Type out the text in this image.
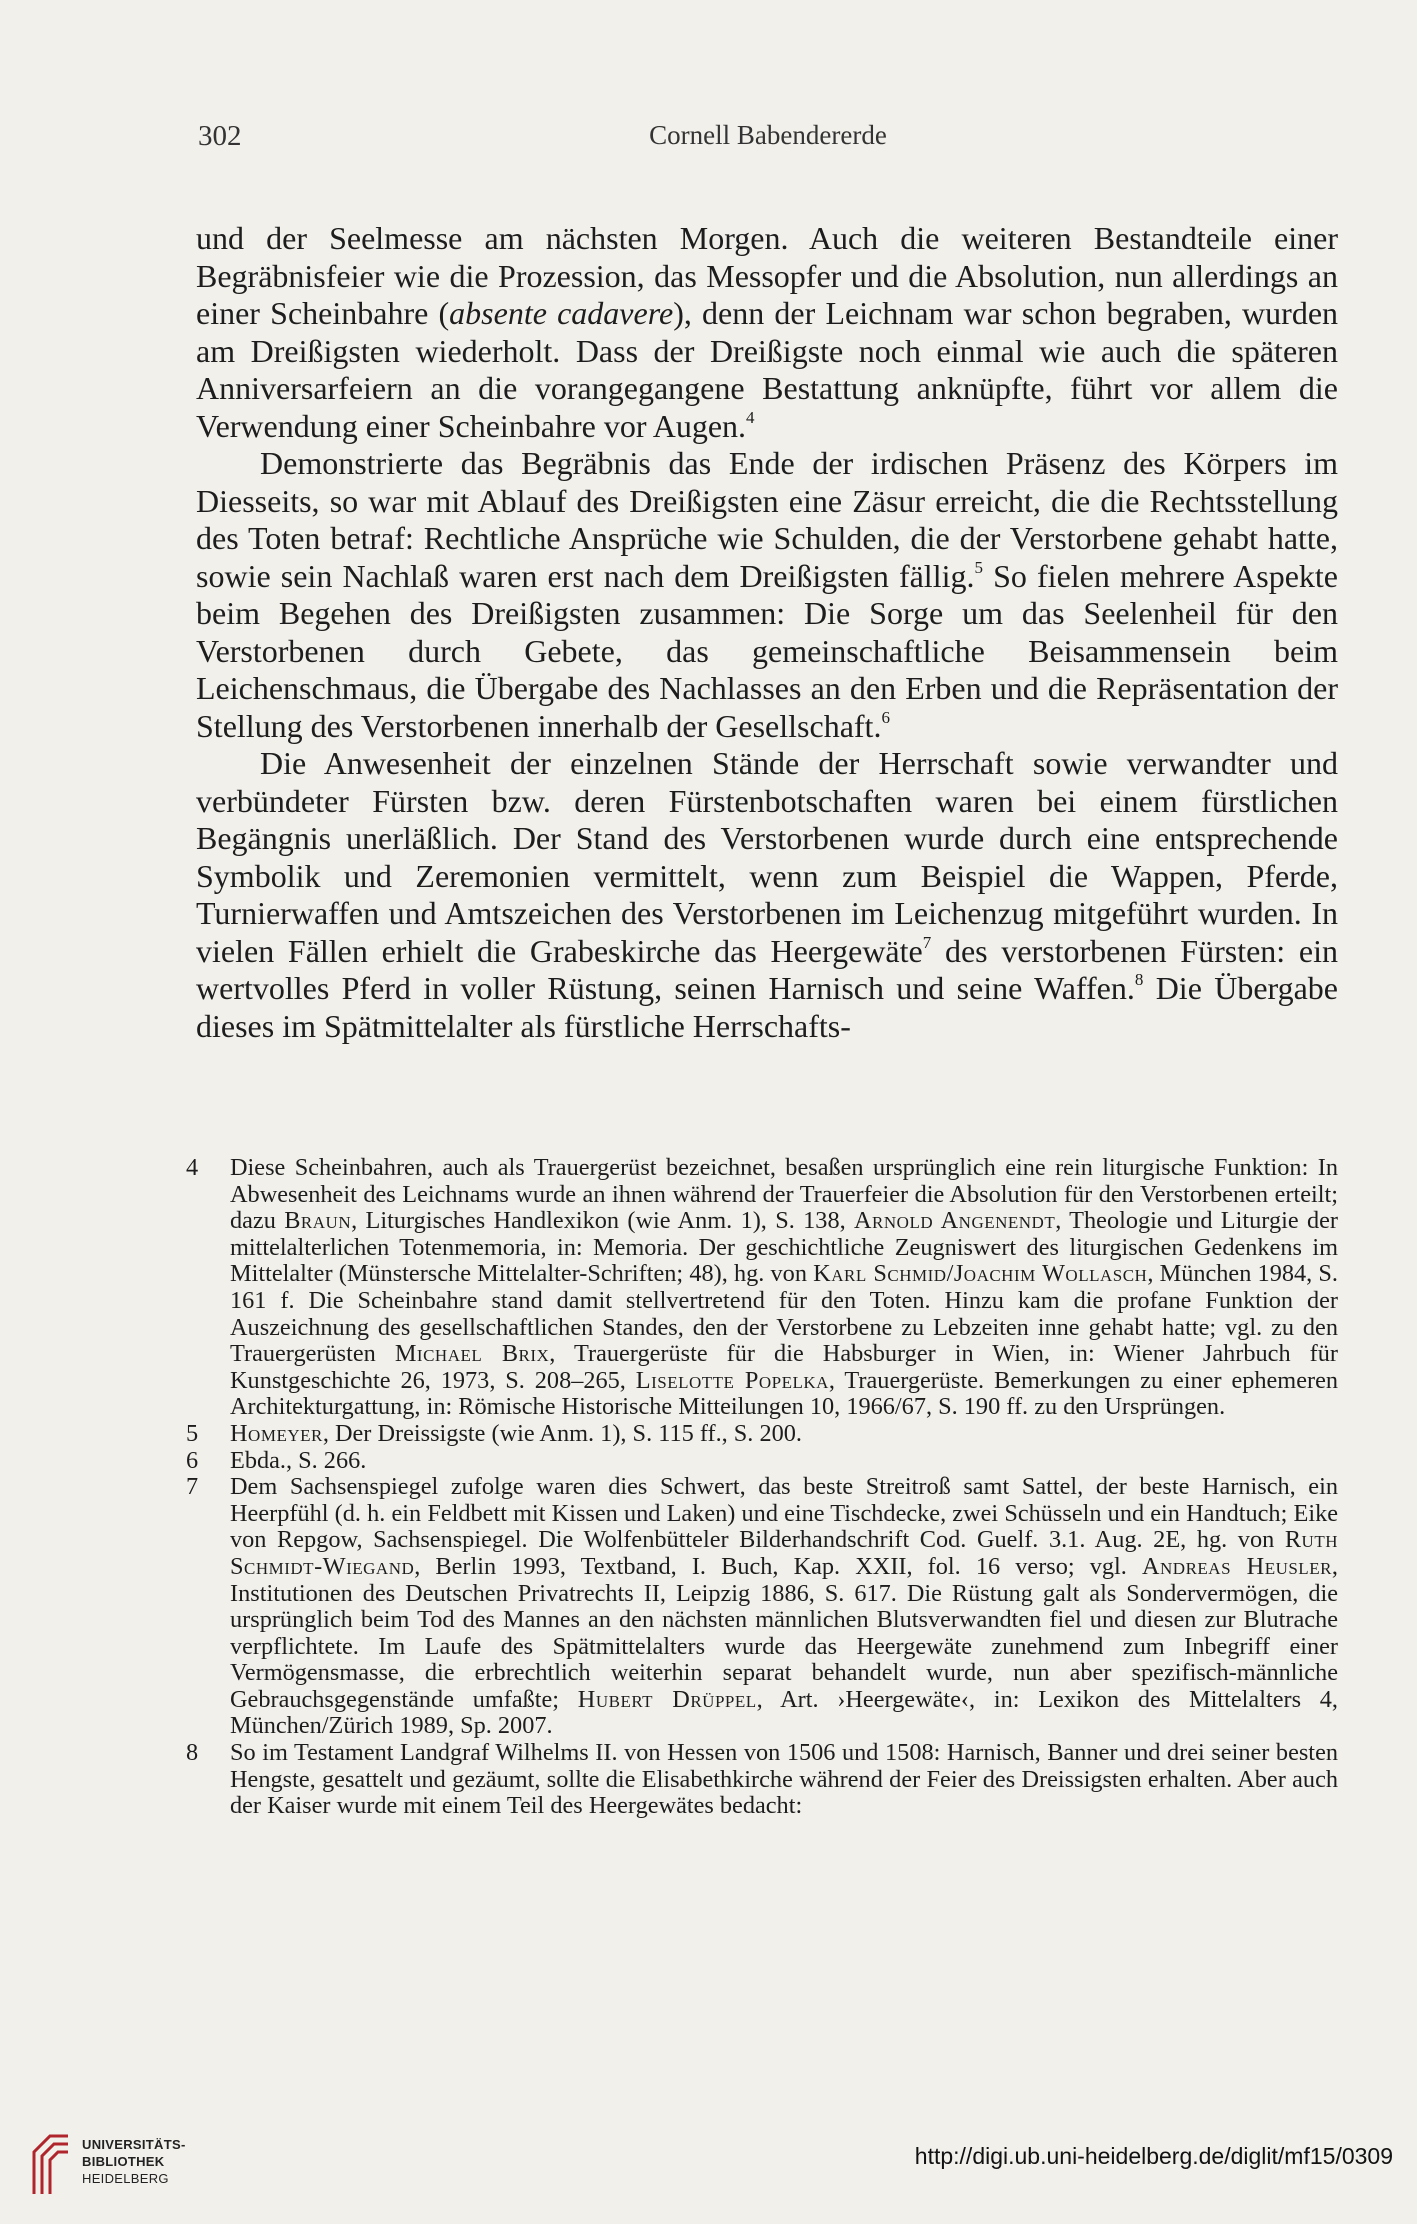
302	Cornell Babendererde

und der Seelmesse am nächsten Morgen. Auch die weiteren Bestandteile einer Begräbnisfeier wie die Prozession, das Messopfer und die Absolution, nun allerdings an einer Scheinbahre (absente cadavere), denn der Leichnam war schon begraben, wurden am Dreißigsten wiederholt. Dass der Dreißigste noch einmal wie auch die späteren Anniversarfeiern an die vorangegangene Bestattung anknüpfte, führt vor allem die Verwendung einer Scheinbahre vor Augen.$^4$

Demonstrierte das Begräbnis das Ende der irdischen Präsenz des Körpers im Diesseits, so war mit Ablauf des Dreißigsten eine Zäsur erreicht, die die Rechtsstellung des Toten betraf: Rechtliche Ansprüche wie Schulden, die der Verstorbene gehabt hatte, sowie sein Nachlaß waren erst nach dem Dreißigsten fällig.$^5$ So fielen mehrere Aspekte beim Begehen des Dreißigsten zusammen: Die Sorge um das Seelenheil für den Verstorbenen durch Gebete, das gemeinschaftliche Beisammensein beim Leichenschmaus, die Übergabe des Nachlasses an den Erben und die Repräsentation der Stellung des Verstorbenen innerhalb der Gesellschaft.$^6$

Die Anwesenheit der einzelnen Stände der Herrschaft sowie verwandter und verbündeter Fürsten bzw. deren Fürstenbotschaften waren bei einem fürstlichen Begängnis unerläßlich. Der Stand des Verstorbenen wurde durch eine entsprechende Symbolik und Zeremonien vermittelt, wenn zum Beispiel die Wappen, Pferde, Turnierwaffen und Amtszeichen des Verstorbenen im Leichenzug mitgeführt wurden. In vielen Fällen erhielt die Grabeskirche das Heergewäte$^7$ des verstorbenen Fürsten: ein wertvolles Pferd in voller Rüstung, seinen Harnisch und seine Waffen.$^8$ Die Übergabe dieses im Spätmittelalter als fürstliche Herrschafts-

4 Diese Scheinbahren, auch als Trauergerüst bezeichnet, besaßen ursprünglich eine rein liturgische Funktion: In Abwesenheit des Leichnams wurde an ihnen während der Trauerfeier die Absolution für den Verstorbenen erteilt; dazu Braun, Liturgisches Handlexikon (wie Anm. 1), S. 138, Arnold Angenendt, Theologie und Liturgie der mittelalterlichen Totenmemoria, in: Memoria. Der geschichtliche Zeugniswert des liturgischen Gedenkens im Mittelalter (Münstersche Mittelalter-Schriften; 48), hg. von Karl Schmid/Joachim Wollasch, München 1984, S. 161 f. Die Scheinbahre stand damit stellvertretend für den Toten. Hinzu kam die profane Funktion der Auszeichnung des gesellschaftlichen Standes, den der Verstorbene zu Lebzeiten inne gehabt hatte; vgl. zu den Trauergerüsten Michael Brix, Trauergerüste für die Habsburger in Wien, in: Wiener Jahrbuch für Kunstgeschichte 26, 1973, S. 208–265, Liselotte Popelka, Trauergerüste. Bemerkungen zu einer ephemeren Architekturgattung, in: Römische Historische Mitteilungen 10, 1966/67, S. 190 ff. zu den Ursprüngen.

5 Homeyer, Der Dreissigste (wie Anm. 1), S. 115 ff., S. 200.

6 Ebda., S. 266.

7 Dem Sachsenspiegel zufolge waren dies Schwert, das beste Streitroß samt Sattel, der beste Harnisch, ein Heerpfühl (d. h. ein Feldbett mit Kissen und Laken) und eine Tischdecke, zwei Schüsseln und ein Handtuch; Eike von Repgow, Sachsenspiegel. Die Wolfenbütteler Bilderhandschrift Cod. Guelf. 3.1. Aug. 2E, hg. von Ruth Schmidt-Wiegand, Berlin 1993, Textband, I. Buch, Kap. XXII, fol. 16 verso; vgl. Andreas Heusler, Institutionen des Deutschen Privatrechts II, Leipzig 1886, S. 617. Die Rüstung galt als Sondervermögen, die ursprünglich beim Tod des Mannes an den nächsten männlichen Blutsverwandten fiel und diesen zur Blutrache verpflichtete. Im Laufe des Spätmittelalters wurde das Heergewäte zunehmend zum Inbegriff einer Vermögensmasse, die erbrechtlich weiterhin separat behandelt wurde, nun aber spezifisch-männliche Gebrauchsgegenstände umfaßte; Hubert Drüppel, Art. ›Heergewäte‹, in: Lexikon des Mittelalters 4, München/Zürich 1989, Sp. 2007.

8 So im Testament Landgraf Wilhelms II. von Hessen von 1506 und 1508: Harnisch, Banner und drei seiner besten Hengste, gesattelt und gezäumt, sollte die Elisabethkirche während der Feier des Dreissigsten erhalten. Aber auch der Kaiser wurde mit einem Teil des Heergewätes bedacht:

UNIVERSITÄTS-
BIBLIOTHEK
HEIDELBERG
http://digi.ub.uni-heidelberg.de/diglit/mf15/0309
